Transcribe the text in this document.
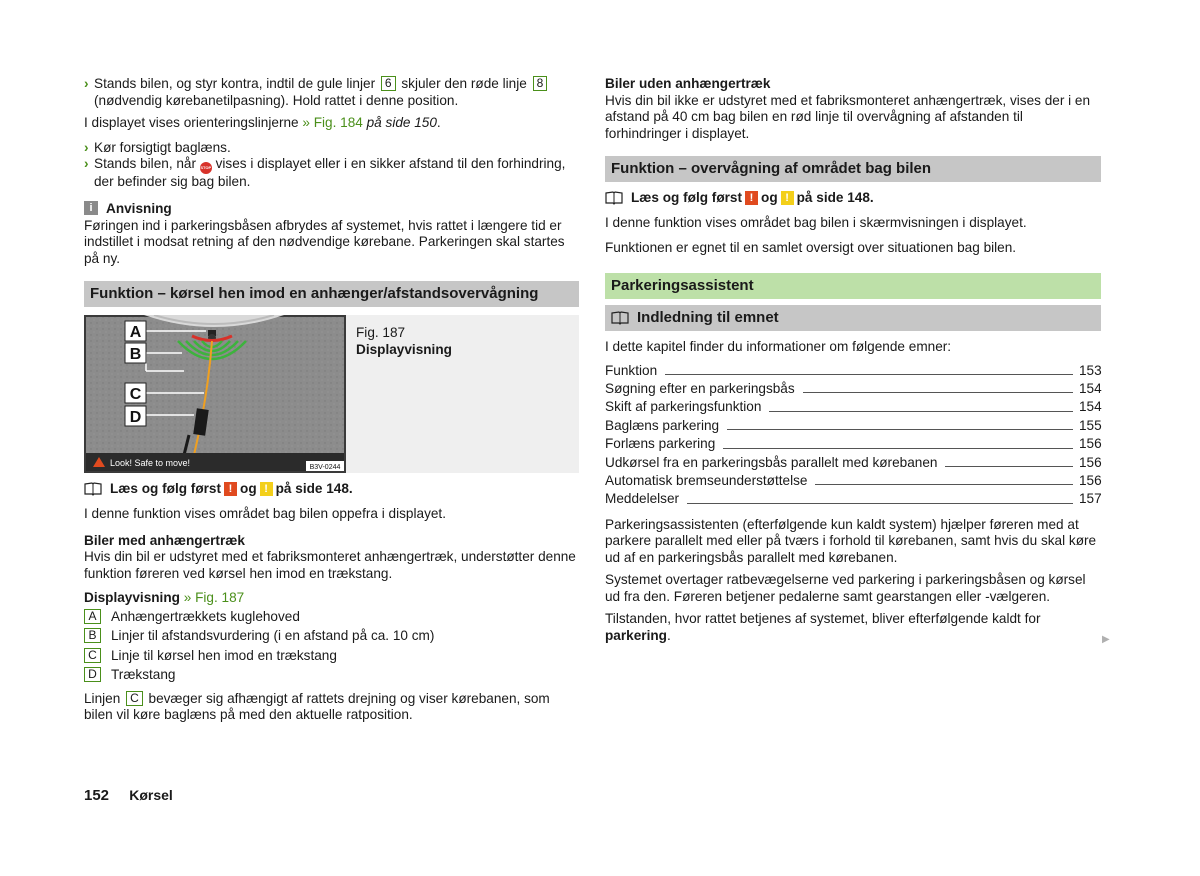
› Stands bilen, og styr kontra, indtil de gule linjer 6 skjuler den røde linje 8 (nødvendig kørebanetilpasning). Hold rattet i denne position.

I displayet vises orienteringslinjerne » Fig. 184 på side 150.

› Kør forsigtigt baglæns.
› Stands bilen, når STOP vises i displayet eller i en sikker afstand til den forhindring, der befinder sig bag bilen.
i Anvisning

Føringen ind i parkeringsbåsen afbrydes af systemet, hvis rattet i længere tid er indstillet i modsat retning af den nødvendige kørebane. Parkeringen skal startes på ny.

Funktion – kørsel hen imod en anhænger/afstandsovervågning
A
B
C
D
Look! Safe to move!	B3V-0244
Fig. 187
Displayvisning
Læs og følg først ! og ! på side 148.

I denne funktion vises området bag bilen oppefra i displayet.

Biler med anhængertræk

Hvis din bil er udstyret med et fabriksmonteret anhængertræk, understøtter denne funktion føreren ved kørsel hen imod en trækstang.

Displayvisning » Fig. 187

A	Anhængertrækkets kuglehoved
B	Linjer til afstandsvurdering (i en afstand på ca. 10 cm)
C	Linje til kørsel hen imod en trækstang
D	Trækstang

Linjen C bevæger sig afhængigt af rattets drejning og viser kørebanen, som bilen vil køre baglæns på med den aktuelle ratposition.

Biler uden anhængertræk

Hvis din bil ikke er udstyret med et fabriksmonteret anhængertræk, vises der i en afstand på 40 cm bag bilen en rød linje til overvågning af afstanden til forhindringer i displayet.

Funktion – overvågning af området bag bilen
Læs og følg først ! og ! på side 148.

I denne funktion vises området bag bilen i skærmvisningen i displayet.

Funktionen er egnet til en samlet oversigt over situationen bag bilen.

Parkeringsassistent
Indledning til emnet

I dette kapitel finder du informationer om følgende emner:

Funktion	153
Søgning efter en parkeringsbås	154
Skift af parkeringsfunktion	154
Baglæns parkering	155
Forlæns parkering	156
Udkørsel fra en parkeringsbås parallelt med kørebanen	156
Automatisk bremseunderstøttelse	156
Meddelelser	157

Parkeringsassistenten (efterfølgende kun kaldt system) hjælper føreren med at parkere parallelt med eller på tværs i forhold til kørebanen, samt hvis du skal køre ud af en parkeringsbås parallelt med kørebanen.

Systemet overtager ratbevægelserne ved parkering i parkeringsbåsen og kørsel ud fra den. Føreren betjener pedalerne samt gearstangen eller -vælgeren.

Tilstanden, hvor rattet betjenes af systemet, bliver efterfølgende kaldt for parkering.	▶
152 Kørsel
